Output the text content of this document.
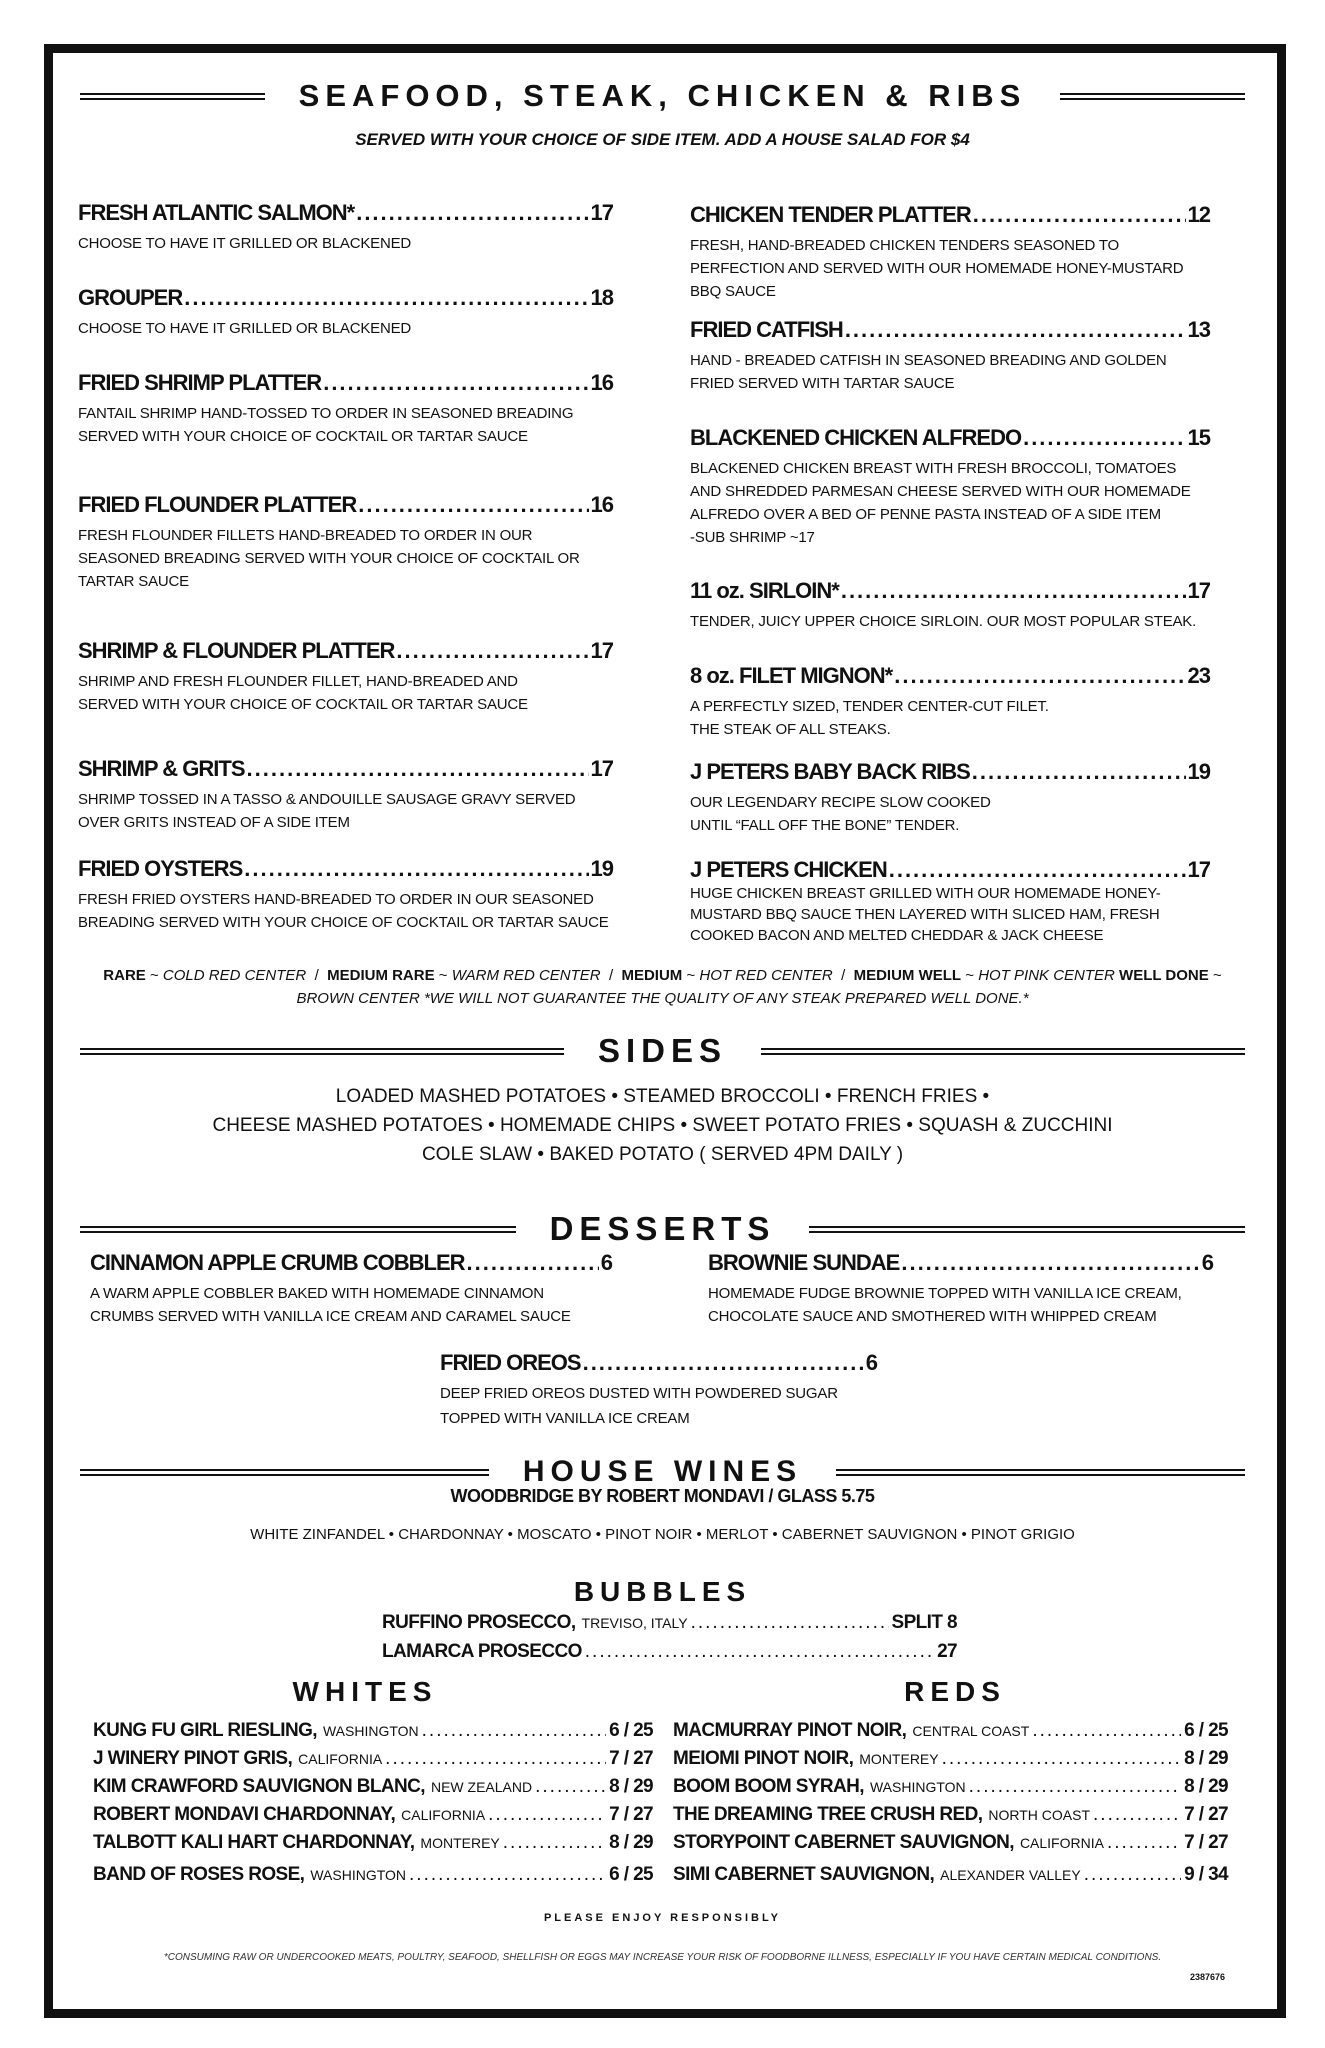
SEAFOOD, STEAK, CHICKEN & RIBS
SERVED WITH YOUR CHOICE OF SIDE ITEM. ADD A HOUSE SALAD FOR $4
FRESH ATLANTIC SALMON* .....	17
CHOOSE TO HAVE IT GRILLED OR BLACKENED
GROUPER .....	18
CHOOSE TO HAVE IT GRILLED OR BLACKENED
FRIED SHRIMP PLATTER .....	16
FANTAIL SHRIMP HAND-TOSSED TO ORDER IN SEASONED BREADING SERVED WITH YOUR CHOICE OF COCKTAIL OR TARTAR SAUCE
FRIED FLOUNDER PLATTER .....	16
FRESH FLOUNDER FILLETS HAND-BREADED TO ORDER IN OUR SEASONED BREADING SERVED WITH YOUR CHOICE OF COCKTAIL OR TARTAR SAUCE
SHRIMP & FLOUNDER PLATTER .....	17
SHRIMP AND FRESH FLOUNDER FILLET, HAND-BREADED AND SERVED WITH YOUR CHOICE OF COCKTAIL OR TARTAR SAUCE
SHRIMP & GRITS .....	17
SHRIMP TOSSED IN A TASSO & ANDOUILLE SAUSAGE GRAVY SERVED OVER GRITS INSTEAD OF A SIDE ITEM
FRIED OYSTERS .....	19
FRESH FRIED OYSTERS HAND-BREADED TO ORDER IN OUR SEASONED BREADING SERVED WITH YOUR CHOICE OF COCKTAIL OR TARTAR SAUCE
CHICKEN TENDER PLATTER .....	12
FRESH, HAND-BREADED CHICKEN TENDERS SEASONED TO PERFECTION AND SERVED WITH OUR HOMEMADE HONEY-MUSTARD BBQ SAUCE
FRIED CATFISH .....	13
HAND - BREADED CATFISH IN SEASONED BREADING AND GOLDEN FRIED SERVED WITH TARTAR SAUCE
BLACKENED CHICKEN ALFREDO .....	15
BLACKENED CHICKEN BREAST WITH FRESH BROCCOLI, TOMATOES AND SHREDDED PARMESAN CHEESE SERVED WITH OUR HOMEMADE ALFREDO OVER A BED OF PENNE PASTA INSTEAD OF A SIDE ITEM
-SUB SHRIMP ~17
11 oz. SIRLOIN* .....	17
TENDER, JUICY UPPER CHOICE SIRLOIN. OUR MOST POPULAR STEAK.
8 oz. FILET MIGNON* .....	23
A PERFECTLY SIZED, TENDER CENTER-CUT FILET.
THE STEAK OF ALL STEAKS.
J PETERS BABY BACK RIBS .....	19
OUR LEGENDARY RECIPE SLOW COOKED
UNTIL “FALL OFF THE BONE” TENDER.
J PETERS CHICKEN .....	17
HUGE CHICKEN BREAST GRILLED WITH OUR HOMEMADE HONEY-MUSTARD BBQ SAUCE THEN LAYERED WITH SLICED HAM, FRESH COOKED BACON AND MELTED CHEDDAR & JACK CHEESE
RARE ~ COLD RED CENTER  /  MEDIUM RARE ~ WARM RED CENTER  /  MEDIUM ~ HOT RED CENTER  /  MEDIUM WELL ~ HOT PINK CENTER WELL DONE ~ BROWN CENTER *WE WILL NOT GUARANTEE THE QUALITY OF ANY STEAK PREPARED WELL DONE.*
SIDES
LOADED MASHED POTATOES • STEAMED BROCCOLI • FRENCH FRIES •
CHEESE MASHED POTATOES • HOMEMADE CHIPS • SWEET POTATO FRIES • SQUASH & ZUCCHINI
COLE SLAW • BAKED POTATO ( SERVED 4PM DAILY )
DESSERTS
CINNAMON APPLE CRUMB COBBLER .....	6
A WARM APPLE COBBLER BAKED WITH HOMEMADE CINNAMON CRUMBS SERVED WITH VANILLA ICE CREAM AND CARAMEL SAUCE
BROWNIE SUNDAE .....	6
HOMEMADE FUDGE BROWNIE TOPPED WITH VANILLA ICE CREAM, CHOCOLATE SAUCE AND SMOTHERED WITH WHIPPED CREAM
FRIED OREOS .....	6
DEEP FRIED OREOS DUSTED WITH POWDERED SUGAR
TOPPED WITH VANILLA ICE CREAM
HOUSE WINES
WOODBRIDGE BY ROBERT MONDAVI / GLASS 5.75
WHITE ZINFANDEL • CHARDONNAY • MOSCATO • PINOT NOIR • MERLOT • CABERNET SAUVIGNON • PINOT GRIGIO
BUBBLES
RUFFINO PROSECCO, TREVISO, ITALY .....	SPLIT 8
LAMARCA PROSECCO .....	27
WHITES	REDS
KUNG FU GIRL RIESLING, WASHINGTON .....	6 / 25
J WINERY PINOT GRIS, CALIFORNIA .....	7 / 27
KIM CRAWFORD SAUVIGNON BLANC, NEW ZEALAND .....	8 / 29
ROBERT MONDAVI CHARDONNAY, CALIFORNIA .....	7 / 27
TALBOTT KALI HART CHARDONNAY, MONTEREY .....	8 / 29
BAND OF ROSES ROSE, WASHINGTON .....	6 / 25
MACMURRAY PINOT NOIR, CENTRAL COAST .....	6 / 25
MEIOMI PINOT NOIR, MONTEREY .....	8 / 29
BOOM BOOM SYRAH, WASHINGTON .....	8 / 29
THE DREAMING TREE CRUSH RED, NORTH COAST .....	7 / 27
STORYPOINT CABERNET SAUVIGNON, CALIFORNIA .....	7 / 27
SIMI CABERNET SAUVIGNON, ALEXANDER VALLEY .....	9 / 34
PLEASE ENJOY RESPONSIBLY
*CONSUMING RAW OR UNDERCOOKED MEATS, POULTRY, SEAFOOD, SHELLFISH OR EGGS MAY INCREASE YOUR RISK OF FOODBORNE ILLNESS, ESPECIALLY IF YOU HAVE CERTAIN MEDICAL CONDITIONS.
2387676
